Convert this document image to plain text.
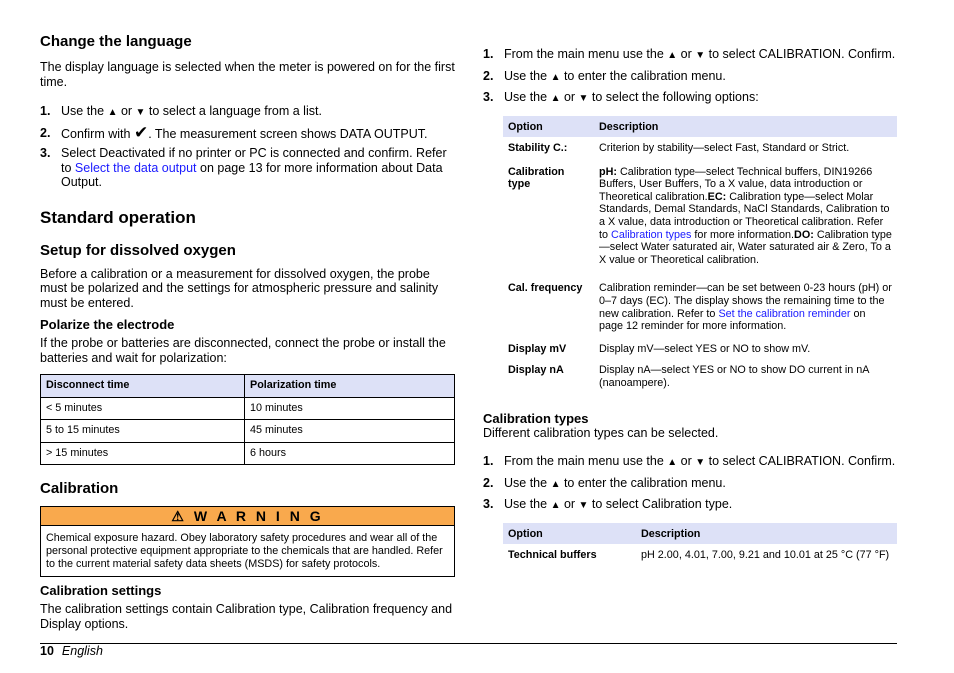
Change the language

The display language is selected when the meter is powered on for the first time.

1. Use the ▲ or ▼ to select a language from a list.
2. Confirm with ✔. The measurement screen shows DATA OUTPUT.
3. Select Deactivated if no printer or PC is connected and confirm. Refer to Select the data output on page 13 for more information about Data Output.
Standard operation
Setup for dissolved oxygen

Before a calibration or a measurement for dissolved oxygen, the probe must be polarized and the settings for atmospheric pressure and salinity must be entered.

Polarize the electrode

If the probe or batteries are disconnected, connect the probe or install the batteries and wait for polarization:

Disconnect time	Polarization time
< 5 minutes	10 minutes
5 to 15 minutes	45 minutes
> 15 minutes	6 hours
Calibration
⚠ W A R N I N G
Chemical exposure hazard. Obey laboratory safety procedures and wear all of the personal protective equipment appropriate to the chemicals that are handled. Refer to the current material safety data sheets (MSDS) for safety protocols.
Calibration settings

The calibration settings contain Calibration type, Calibration frequency and Display options.

1. From the main menu use the ▲ or ▼ to select CALIBRATION. Confirm.
2. Use the ▲ to enter the calibration menu.
3. Use the ▲ or ▼ to select the following options:
Option	Description
Stability C.:	Criterion by stability—select Fast, Standard or Strict.
Calibration type	pH: Calibration type—select Technical buffers, DIN19266 Buffers, User Buffers, To a X value, data introduction or Theoretical calibration.EC: Calibration type—select Molar Standards, Demal Standards, NaCl Standards, Calibration to a X value, data introduction or Theoretical calibration. Refer to Calibration types for more information.DO: Calibration type—select Water saturated air, Water saturated air & Zero, To a X value or Theoretical calibration.
Cal. frequency	Calibration reminder—can be set between 0-23 hours (pH) or 0–7 days (EC). The display shows the remaining time to the new calibration. Refer to Set the calibration reminder on page 12 reminder for more information.
Display mV	Display mV—select YES or NO to show mV.
Display nA	Display nA—select YES or NO to show DO current in nA (nanoampere).
Calibration types

Different calibration types can be selected.

1. From the main menu use the ▲ or ▼ to select CALIBRATION. Confirm.
2. Use the ▲ to enter the calibration menu.
3. Use the ▲ or ▼ to select Calibration type.
Option	Description
Technical buffers	pH 2.00, 4.01, 7.00, 9.21 and 10.01 at 25 °C (77 °F)
10 English
